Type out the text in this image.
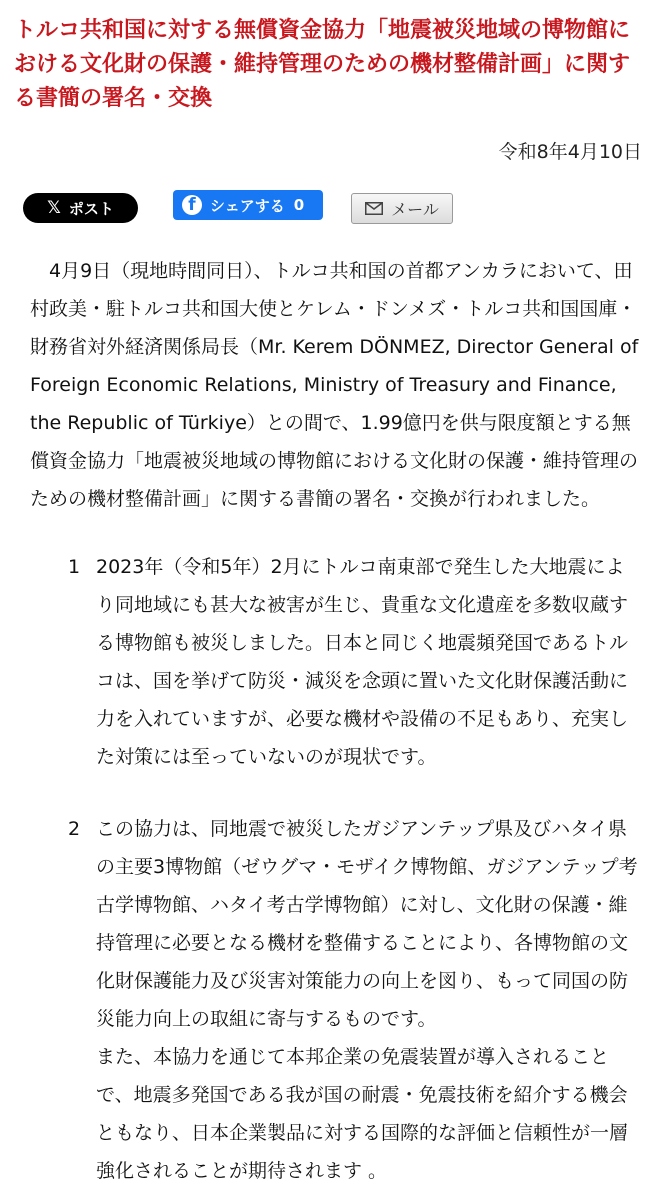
トルコ共和国に対する無償資金協力「地震被災地域の博物館における文化財の保護・維持管理のための機材整備計画」に関する書簡の署名・交換
令和8年4月10日
𝕏 ポスト	f シェアする 0	メール

4月9日（現地時間同日）、トルコ共和国の首都アンカラにおいて、田村政美・駐トルコ共和国大使とケレム・ドンメズ・トルコ共和国国庫・財務省対外経済関係局長（Mr. Kerem DÖNMEZ, Director General of Foreign Economic Relations, Ministry of Treasury and Finance, the Republic of Türkiye）との間で、1.99億円を供与限度額とする無償資金協力「地震被災地域の博物館における文化財の保護・維持管理のための機材整備計画」に関する書簡の署名・交換が行われました。

1 2023年（令和5年）2月にトルコ南東部で発生した大地震により同地域にも甚大な被害が生じ、貴重な文化遺産を多数収蔵する博物館も被災しました。日本と同じく地震頻発国であるトルコは、国を挙げて防災・減災を念頭に置いた文化財保護活動に力を入れていますが、必要な機材や設備の不足もあり、充実した対策には至っていないのが現状です。
2 この協力は、同地震で被災したガジアンテップ県及びハタイ県の主要3博物館（ゼウグマ・モザイク博物館、ガジアンテップ考古学博物館、ハタイ考古学博物館）に対し、文化財の保護・維持管理に必要となる機材を整備することにより、各博物館の文化財保護能力及び災害対策能力の向上を図り、もって同国の防災能力向上の取組に寄与するものです。
また、本協力を通じて本邦企業の免震装置が導入されることで、地震多発国である我が国の耐震・免震技術を紹介する機会ともなり、日本企業製品に対する国際的な評価と信頼性が一層強化されることが期待されます 。
